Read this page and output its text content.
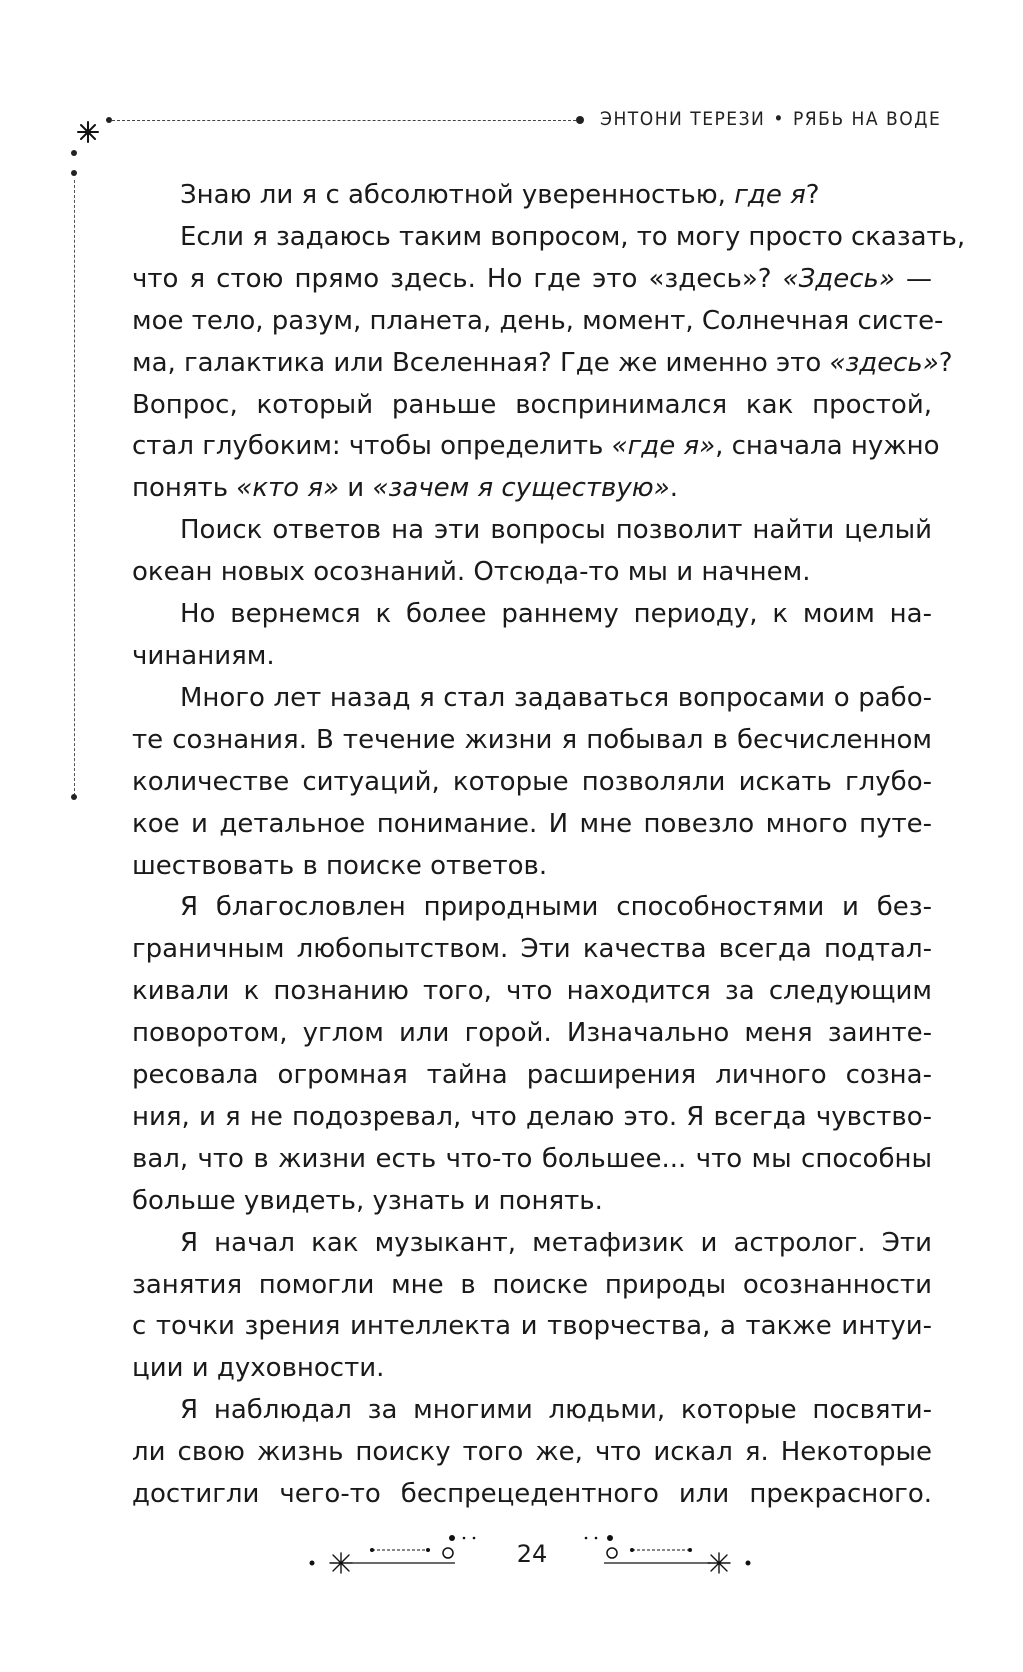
ЭНТОНИ ТЕРЕЗИ • РЯБЬ НА ВОДЕ
Знаю ли я с абсолютной уверенностью, где я?
Если я задаюсь таким вопросом, то могу просто сказать,
что я стою прямо здесь. Но где это «здесь»? «Здесь» —
мое тело, разум, планета, день, момент, Солнечная систе-
ма, галактика или Вселенная? Где же именно это «здесь»?
Вопрос, который раньше воспринимался как простой,
стал глубоким: чтобы определить «где я», сначала нужно
понять «кто я» и «зачем я существую».
Поиск ответов на эти вопросы позволит найти целый
океан новых осознаний. Отсюда-то мы и начнем.
Но вернемся к более раннему периоду, к моим на-
чинаниям.
Много лет назад я стал задаваться вопросами о рабо-
те сознания. В течение жизни я побывал в бесчисленном
количестве ситуаций, которые позволяли искать глубо-
кое и детальное понимание. И мне повезло много путе-
шествовать в поиске ответов.
Я благословлен природными способностями и без-
граничным любопытством. Эти качества всегда подтал-
кивали к познанию того, что находится за следующим
поворотом, углом или горой. Изначально меня заинте-
ресовала огромная тайна расширения личного созна-
ния, и я не подозревал, что делаю это. Я всегда чувство-
вал, что в жизни есть что-то большее... что мы способны
больше увидеть, узнать и понять.
Я начал как музыкант, метафизик и астролог. Эти
занятия помогли мне в поиске природы осознанности
с точки зрения интеллекта и творчества, а также интуи-
ции и духовности.
Я наблюдал за многими людьми, которые посвяти-
ли свою жизнь поиску того же, что искал я. Некоторые
достигли чего-то беспрецедентного или прекрасного.
24
